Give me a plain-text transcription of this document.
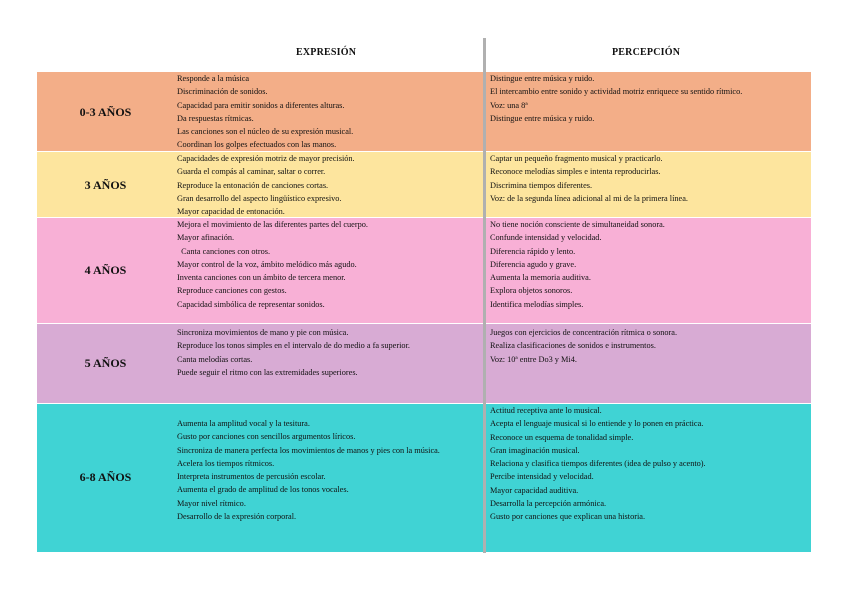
EXPRESIÓN	PERCEPCIÓN
0-3 AÑOS
Responde a la música
Discriminación de sonidos.
Capacidad para emitir sonidos a diferentes alturas.
Da respuestas rítmicas.
Las canciones son el núcleo de su expresión musical.
Coordinan los golpes efectuados con las manos.
Distingue entre música y ruido.
El intercambio entre sonido y actividad motriz enriquece su sentido rítmico.
Voz: una 8ª
Distingue entre música y ruido.
3 AÑOS
Capacidades de expresión motriz de mayor precisión.
Guarda el compás al caminar, saltar o correr.
Reproduce la entonación de canciones cortas.
Gran desarrollo del aspecto lingüístico expresivo.
Mayor capacidad de entonación.
Captar un pequeño fragmento musical y practicarlo.
Reconoce melodías simples e intenta reproducirlas.
Discrimina tiempos diferentes.
Voz: de la segunda línea adicional al mi de la primera línea.
4 AÑOS
Mejora el movimiento de las diferentes partes del cuerpo.
Mayor afinación.
Canta canciones con otros.
Mayor control de la voz, ámbito melódico más agudo.
Inventa canciones con un ámbito de tercera menor.
Reproduce canciones con gestos.
Capacidad simbólica de representar sonidos.
No tiene noción consciente de simultaneidad sonora.
Confunde intensidad y velocidad.
Diferencia rápido y lento.
Diferencia agudo y grave.
Aumenta la memoria auditiva.
Explora objetos sonoros.
Identifica melodías simples.
5 AÑOS
Sincroniza movimientos de mano y pie con música.
Reproduce los tonos simples en el intervalo de do medio a fa superior.
Canta melodías cortas.
Puede seguir el ritmo con las extremidades superiores.
Juegos con ejercicios de concentración rítmica o sonora.
Realiza clasificaciones de sonidos e instrumentos.
Voz: 10ª entre Do3 y Mi4.
6-8 AÑOS
Aumenta la amplitud vocal y la tesitura.
Gusto por canciones con sencillos argumentos líricos.
Sincroniza de manera perfecta los movimientos de manos y pies con la música.
Acelera los tiempos rítmicos.
Interpreta instrumentos de percusión escolar.
Aumenta el grado de amplitud de los tonos vocales.
Mayor nivel rítmico.
Desarrollo de la expresión corporal.
Actitud receptiva ante lo musical.
Acepta el lenguaje musical si lo entiende y lo ponen en práctica.
Reconoce un esquema de tonalidad simple.
Gran imaginación musical.
Relaciona y clasifica tiempos diferentes (idea de pulso y acento).
Percibe intensidad y velocidad.
Mayor capacidad auditiva.
Desarrolla la percepción armónica.
Gusto por canciones que explican una historia.
